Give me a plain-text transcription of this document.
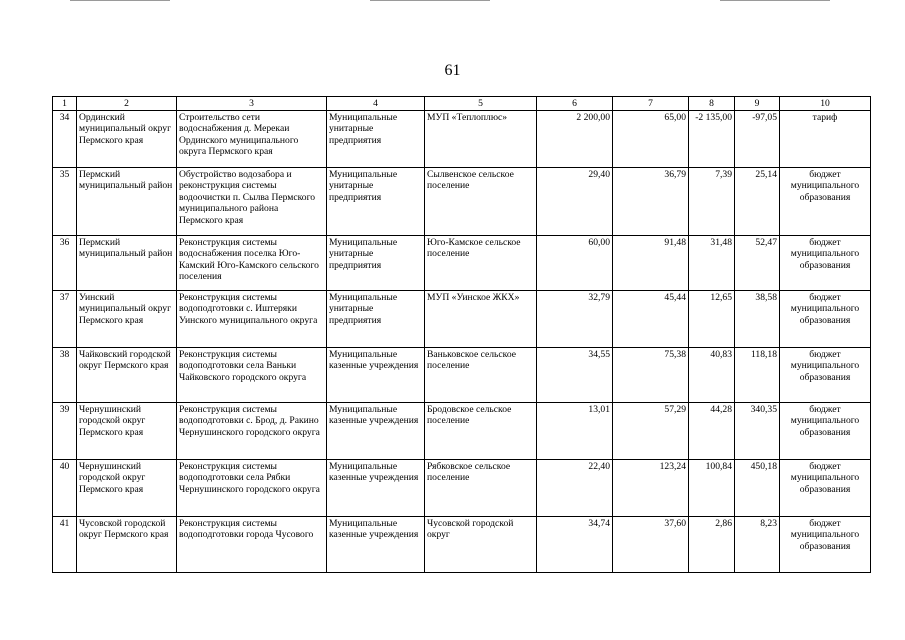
61
1	2	3	4	5	6	7	8	9	10
34	Ординский муниципальный округ Пермского края	Строительство сети водоснабжения д. Мерекаи Ординского муниципального округа Пермского края	Муниципальные унитарные предприятия	МУП «Теплоплюс»	2 200,00	65,00	-2 135,00	-97,05	тариф
35	Пермский муниципальный район	Обустройство водозабора и реконструкция системы водоочистки п. Сылва Пермского муниципального района Пермского края	Муниципальные унитарные предприятия	Сылвенское сельское поселение	29,40	36,79	7,39	25,14	бюджет муниципального образования
36	Пермский муниципальный район	Реконструкция системы водоснабжения поселка Юго-Камский Юго-Камского сельского поселения	Муниципальные унитарные предприятия	Юго-Камское сельское поселение	60,00	91,48	31,48	52,47	бюджет муниципального образования
37	Уинский муниципальный округ Пермского края	Реконструкция системы водоподготовки с. Иштеряки Уинского муниципального округа	Муниципальные унитарные предприятия	МУП «Уинское ЖКХ»	32,79	45,44	12,65	38,58	бюджет муниципального образования
38	Чайковский городской округ Пермского края	Реконструкция системы водоподготовки села Ваньки Чайковского городского округа	Муниципальные казенные учреждения	Ваньковское сельское поселение	34,55	75,38	40,83	118,18	бюджет муниципального образования
39	Чернушинский городской округ Пермского края	Реконструкция системы водоподготовки с. Брод, д. Ракино Чернушинского городского округа	Муниципальные казенные учреждения	Бродовское сельское поселение	13,01	57,29	44,28	340,35	бюджет муниципального образования
40	Чернушинский городской округ Пермского края	Реконструкция системы водоподготовки села Рябки Чернушинского городского округа	Муниципальные казенные учреждения	Рябковское сельское поселение	22,40	123,24	100,84	450,18	бюджет муниципального образования
41	Чусовской городской округ Пермского края	Реконструкция системы водоподготовки города Чусового	Муниципальные казенные учреждения	Чусовской городской округ	34,74	37,60	2,86	8,23	бюджет муниципального образования
